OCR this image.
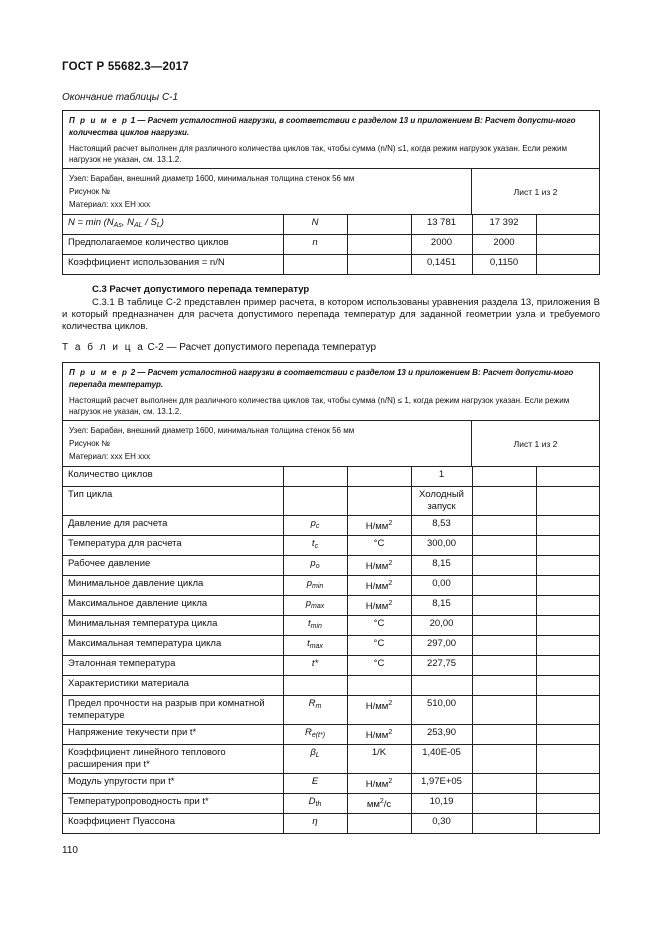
ГОСТ Р 55682.3—2017
Окончание таблицы С-1
П р и м е р 1 — Расчет усталостной нагрузки, в соответствии с разделом 13 и приложением В: Расчет допусти-мого количества циклов нагрузки.
Настоящий расчет выполнен для различного количества циклов так, чтобы сумма (n/N) ≤1, когда режим нагрузок указан. Если режим нагрузок не указан, см. 13.1.2.
Узел: Барабан, внешний диаметр 1600, минимальная толщина стенок 56 мм
Рисунок №
Материал: ххх ЕН ххх
Лист 1 из 2
$N = \min (N_{As}$, $N_{AL} / S_L$)	N		13 781	17 392	
Предполагаемое количество циклов	n		2000	2000	
Коэффициент использования = n/N			0,1451	0,1150	
С.3 Расчет допустимого перепада температур
С.3.1 В таблице С-2 представлен пример расчета, в котором использованы уравнения раздела 13, приложения В и который предназначен для расчета допустимого перепада температур для заданной геометрии узла и требуемого количества циклов.
Т а б л и ц а С-2 — Расчет допустимого перепада температур
П р и м е р 2 — Расчет усталостной нагрузки в соответствии с разделом 13 и приложением В: Расчет допусти-мого перепада температур.
Настоящий расчет выполнен для различного количества циклов так, чтобы сумма (n/N) ≤ 1, когда режим нагрузок указан. Если режим нагрузок не указан, см. 13.1.2.
Узел: Барабан, внешний диаметр 1600, минимальная толщина стенок 56 мм
Рисунок №
Материал: ххх ЕН ххх
Лист 1 из 2
Количество циклов			1		
Тип цикла			Холодный запуск		
Давление для расчета	$p_c$	$Н/мм^2$	8,53		
Температура для расчета	$t_c$	°С	300,00		
Рабочее давление	$p_o$	$Н/мм^2$	8,15		
Минимальное давление цикла	$p_{min}$	$Н/мм^2$	0,00		
Максимальное давление цикла	$p_{max}$	$Н/мм^2$	8,15		
Минимальная температура цикла	$t_{min}$	°С	20,00		
Максимальная температура цикла	$t_{max}$	°С	297,00		
Эталонная температура	t*	°С	227,75		
Характеристики материала					
Предел прочности на разрыв при комнатной температуре	$R_m$	$Н/мм^2$	510,00		
Напряжение текучести при t*	$R_{e(t*)}$	$Н/мм^2$	253,90		
Коэффициент линейного теплового расширения при t*	$\beta_L$	1/K	1,40E-05		
Модуль упругости при t*	E	$Н/мм^2$	1,97E+05		
Температуропроводность при t*	$D_{th}$	$мм^2/с$	10,19		
Коэффициент Пуассона	η		0,30		
110
